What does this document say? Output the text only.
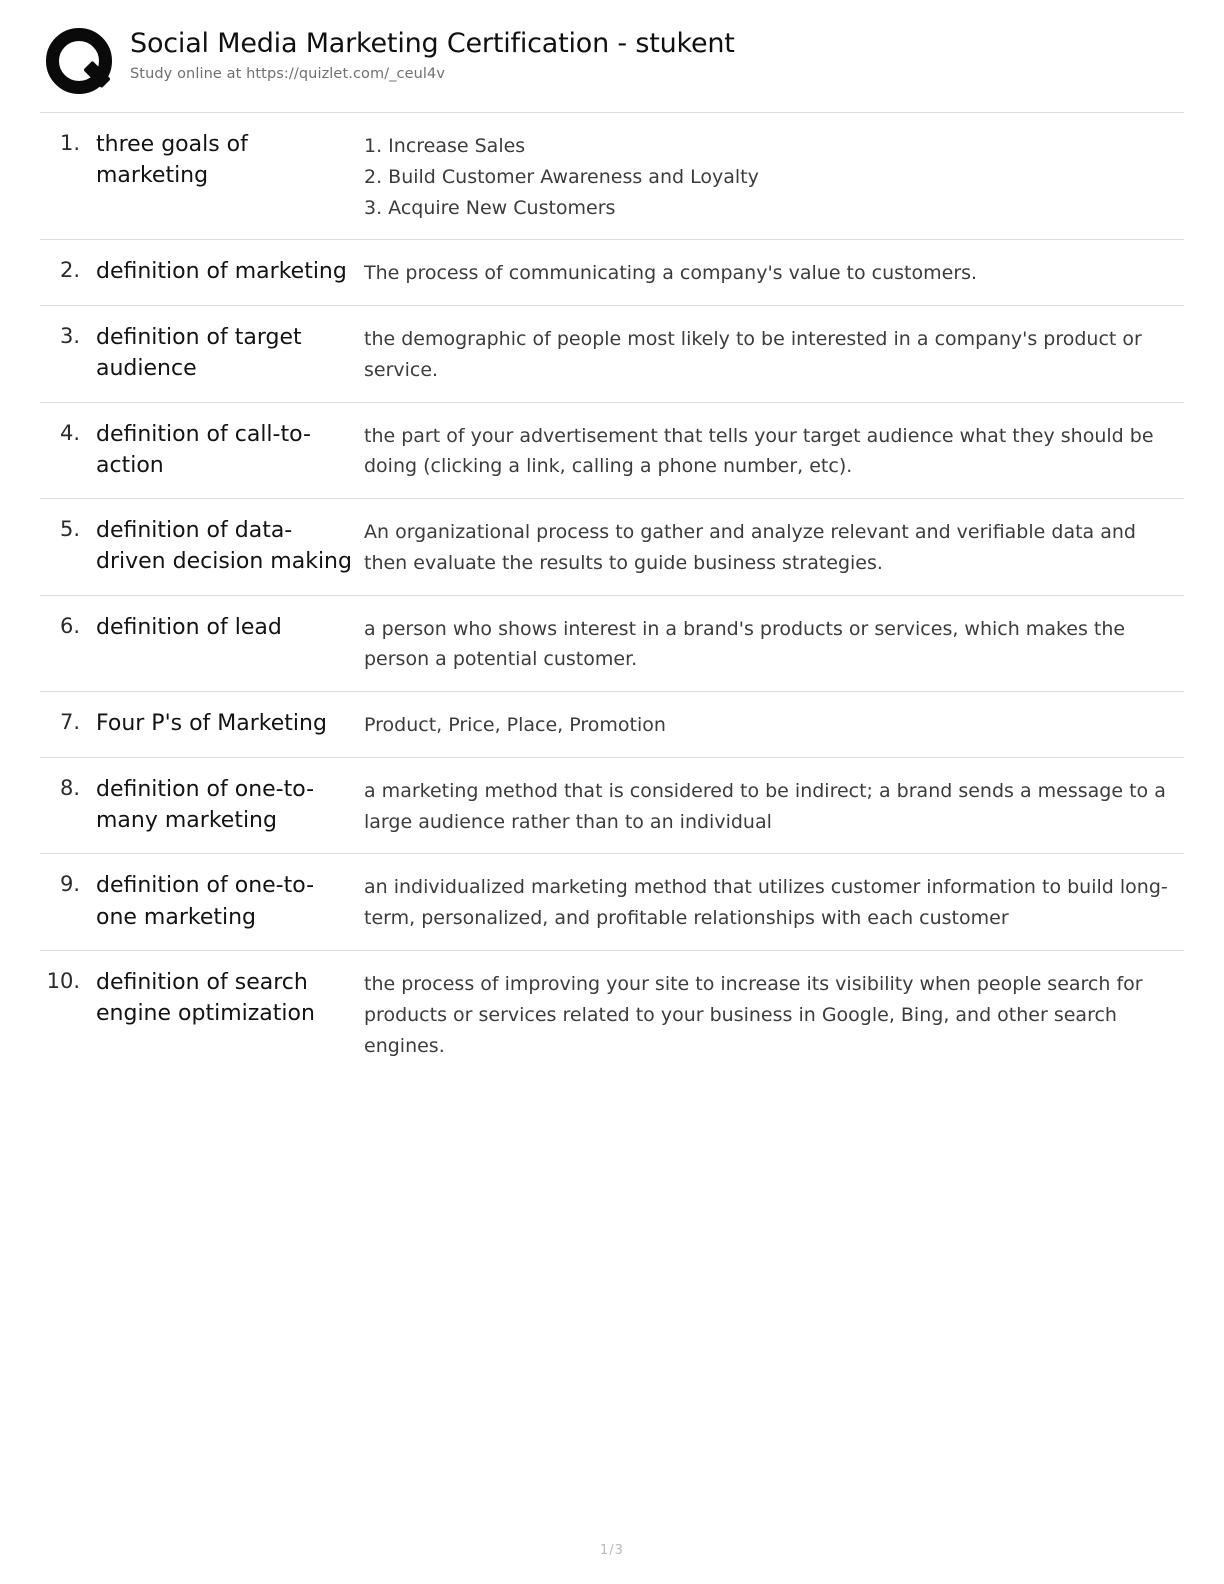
Social Media Marketing Certification - stukent
Study online at https://quizlet.com/_ceul4v
1. three goals of marketing
1. Increase Sales
2. Build Customer Awareness and Loyalty
3. Acquire New Customers
2. definition of marketing The process of communicating a company's value to customers.
3. definition of target audience
the demographic of people most likely to be interested in a company's product or service.
4. definition of call-to-action
the part of your advertisement that tells your target audience what they should be doing (clicking a link, calling a phone number, etc).
5. definition of data-driven decision making
An organizational process to gather and analyze relevant and verifiable data and then evaluate the results to guide business strategies.
6. definition of lead	a person who shows interest in a brand's products or services, which makes the person a potential customer.
7. Four P's of Marketing	Product, Price, Place, Promotion
8. definition of one-to-many marketing
a marketing method that is considered to be indirect; a brand sends a message to a large audience rather than to an individual
9. definition of one-to-one marketing
an individualized marketing method that utilizes customer information to build long-term, personalized, and profitable relationships with each customer
10. definition of search engine optimization
the process of improving your site to increase its visibility when people search for products or services related to your business in Google, Bing, and other search engines.
1/3
